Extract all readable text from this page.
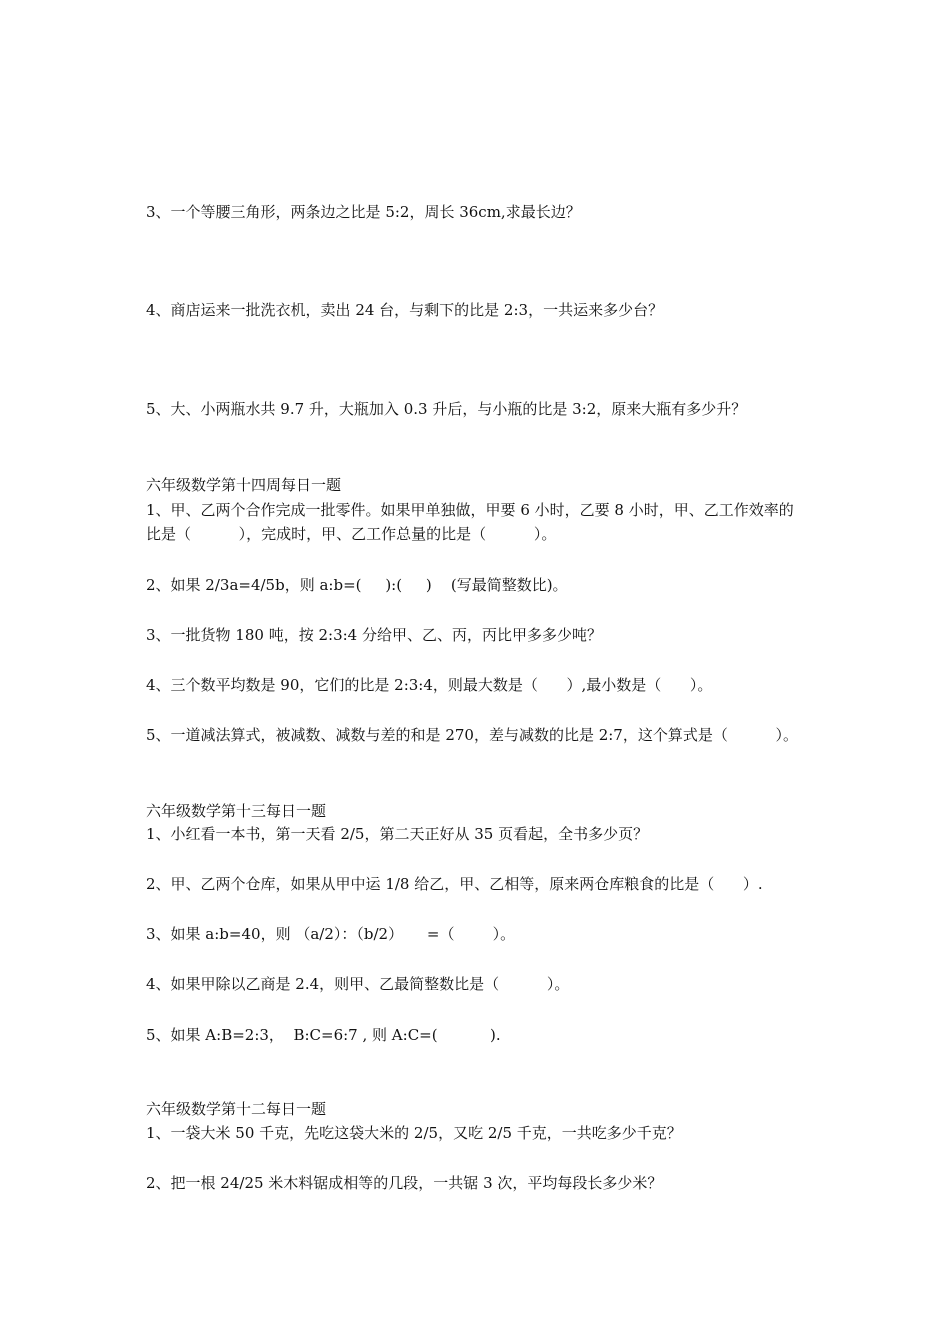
3、一个等腰三角形，两条边之比是 5:2，周长 36cm,求最长边？
4、商店运来一批洗衣机，卖出 24 台，与剩下的比是 2:3，一共运来多少台？
5、大、小两瓶水共 9.7 升，大瓶加入 0.3 升后，与小瓶的比是 3:2，原来大瓶有多少升？
六年级数学第十四周每日一题
1、甲、乙两个合作完成一批零件。如果甲单独做，甲要 6 小时，乙要 8 小时，甲、乙工作效率的
比是（          ），完成时，甲、乙工作总量的比是（          ）。
2、如果 2/3a=4/5b，则 a:b=(     ):(     )    (写最简整数比)。
3、一批货物 180 吨，按 2:3:4 分给甲、乙、丙，丙比甲多多少吨？
4、三个数平均数是 90，它们的比是 2:3:4，则最大数是（      ）,最小数是（      ）。
5、一道减法算式，被减数、减数与差的和是 270，差与减数的比是 2:7，这个算式是（          ）。
六年级数学第十三每日一题
1、小红看一本书，第一天看 2/5，第二天正好从 35 页看起，全书多少页？
2、甲、乙两个仓库，如果从甲中运 1/8 给乙，甲、乙相等，原来两仓库粮食的比是（      ）.
3、如果 a:b=40，则 （a/2）：（b/2）     =（        ）。
4、如果甲除以乙商是 2.4，则甲、乙最简整数比是（          ）。
5、如果 A:B=2:3，  B:C=6:7 , 则 A:C=(           ).
六年级数学第十二每日一题
1、一袋大米 50 千克，先吃这袋大米的 2/5，又吃 2/5 千克，一共吃多少千克？
2、把一根 24/25 米木料锯成相等的几段，一共锯 3 次，平均每段长多少米？
